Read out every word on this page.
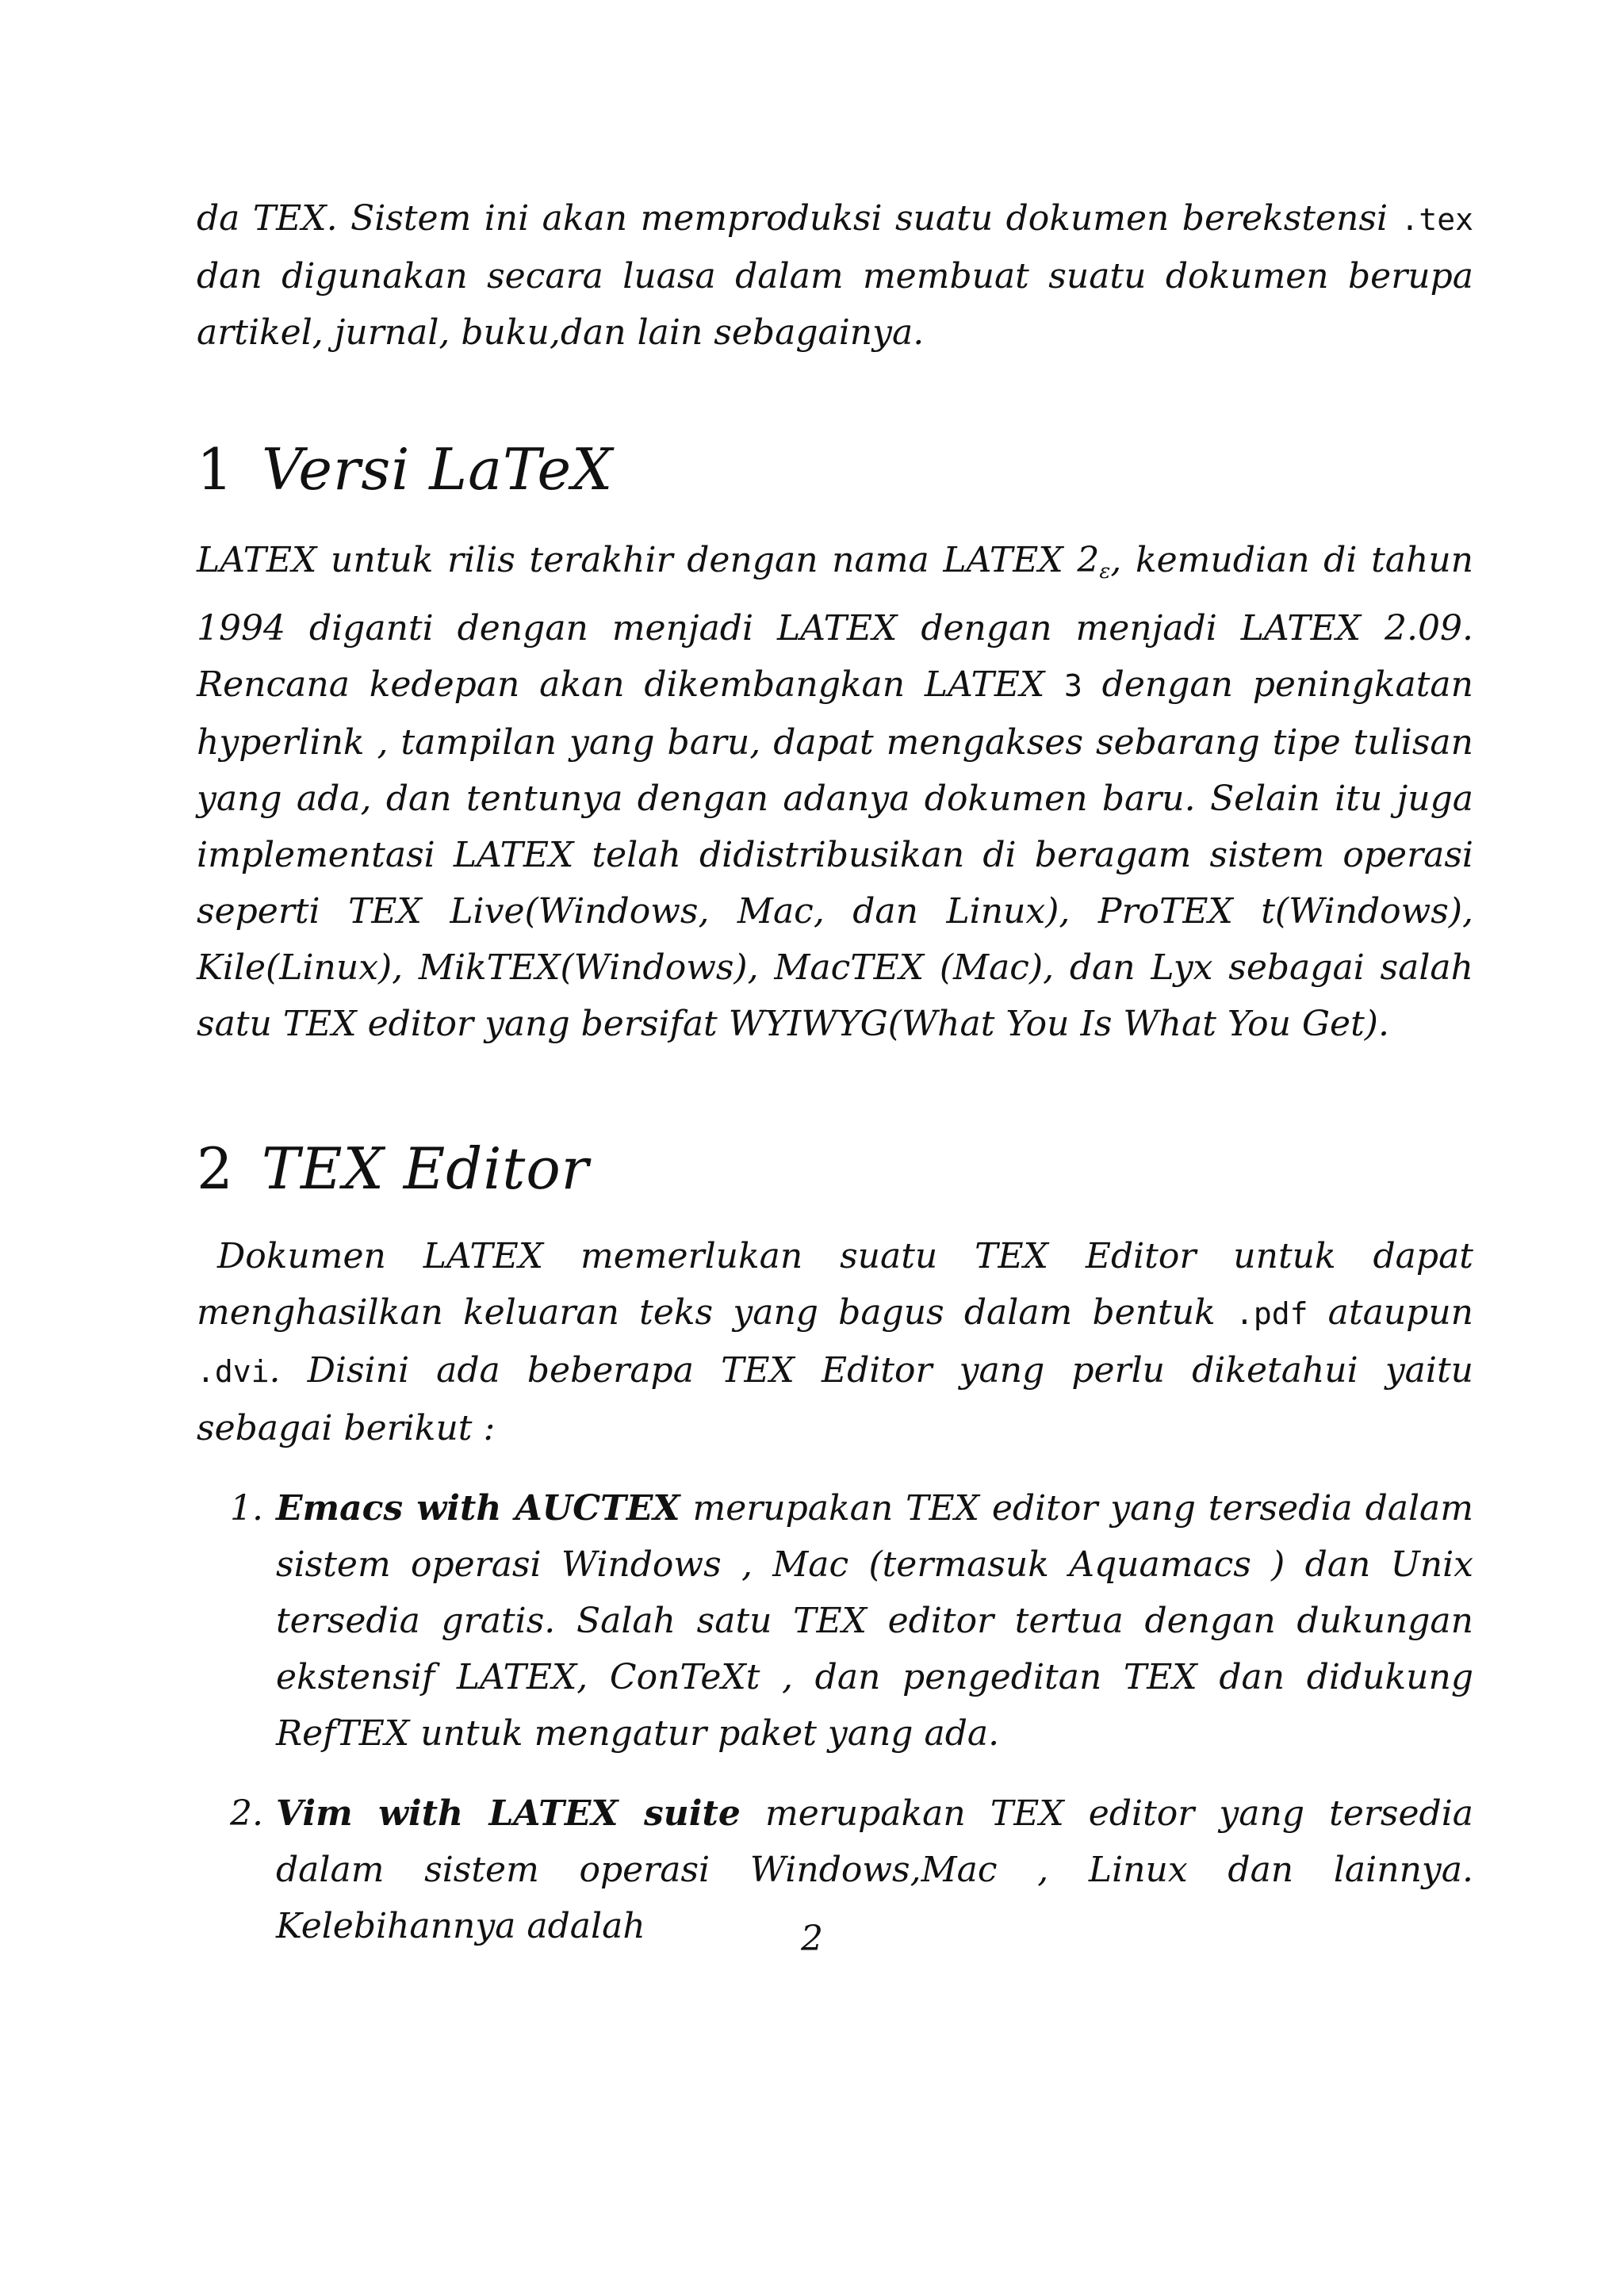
da TEX. Sistem ini akan memproduksi suatu dokumen berekstensi .tex dan digunakan secara luasa dalam membuat suatu dokumen berupa artikel, jurnal, buku,dan lain sebagainya.

1 Versi LaTeX

LATEX untuk rilis terakhir dengan nama LATEX $2_\varepsilon$, kemudian di tahun 1994 diganti dengan menjadi LATEX dengan menjadi LATEX 2.09. Rencana kedepan akan dikembangkan LATEX 3 dengan peningkatan hyperlink , tampilan yang baru, dapat mengakses sebarang tipe tulisan yang ada, dan tentunya dengan adanya dokumen baru. Selain itu juga implementasi LATEX telah didistribusikan di beragam sistem operasi seperti TEX Live(Windows, Mac, dan Linux), ProTEX t(Windows), Kile(Linux), MikTEX(Windows), MacTEX (Mac), dan Lyx sebagai salah satu TEX editor yang bersifat WYIWYG(What You Is What You Get).

2 TEX Editor

Dokumen LATEX memerlukan suatu TEX Editor untuk dapat menghasilkan keluaran teks yang bagus dalam bentuk .pdf ataupun .dvi. Disini ada beberapa TEX Editor yang perlu diketahui yaitu sebagai berikut :

1. Emacs with AUCTEX merupakan TEX editor yang tersedia dalam sistem operasi Windows , Mac (termasuk Aquamacs ) dan Unix tersedia gratis. Salah satu TEX editor tertua dengan dukungan ekstensif LATEX, ConTeXt , dan pengeditan TEX dan didukung RefTEX untuk mengatur paket yang ada.

2. Vim with LATEX suite merupakan TEX editor yang tersedia dalam sistem operasi Windows,Mac , Linux dan lainnya. Kelebihannya adalah	2
